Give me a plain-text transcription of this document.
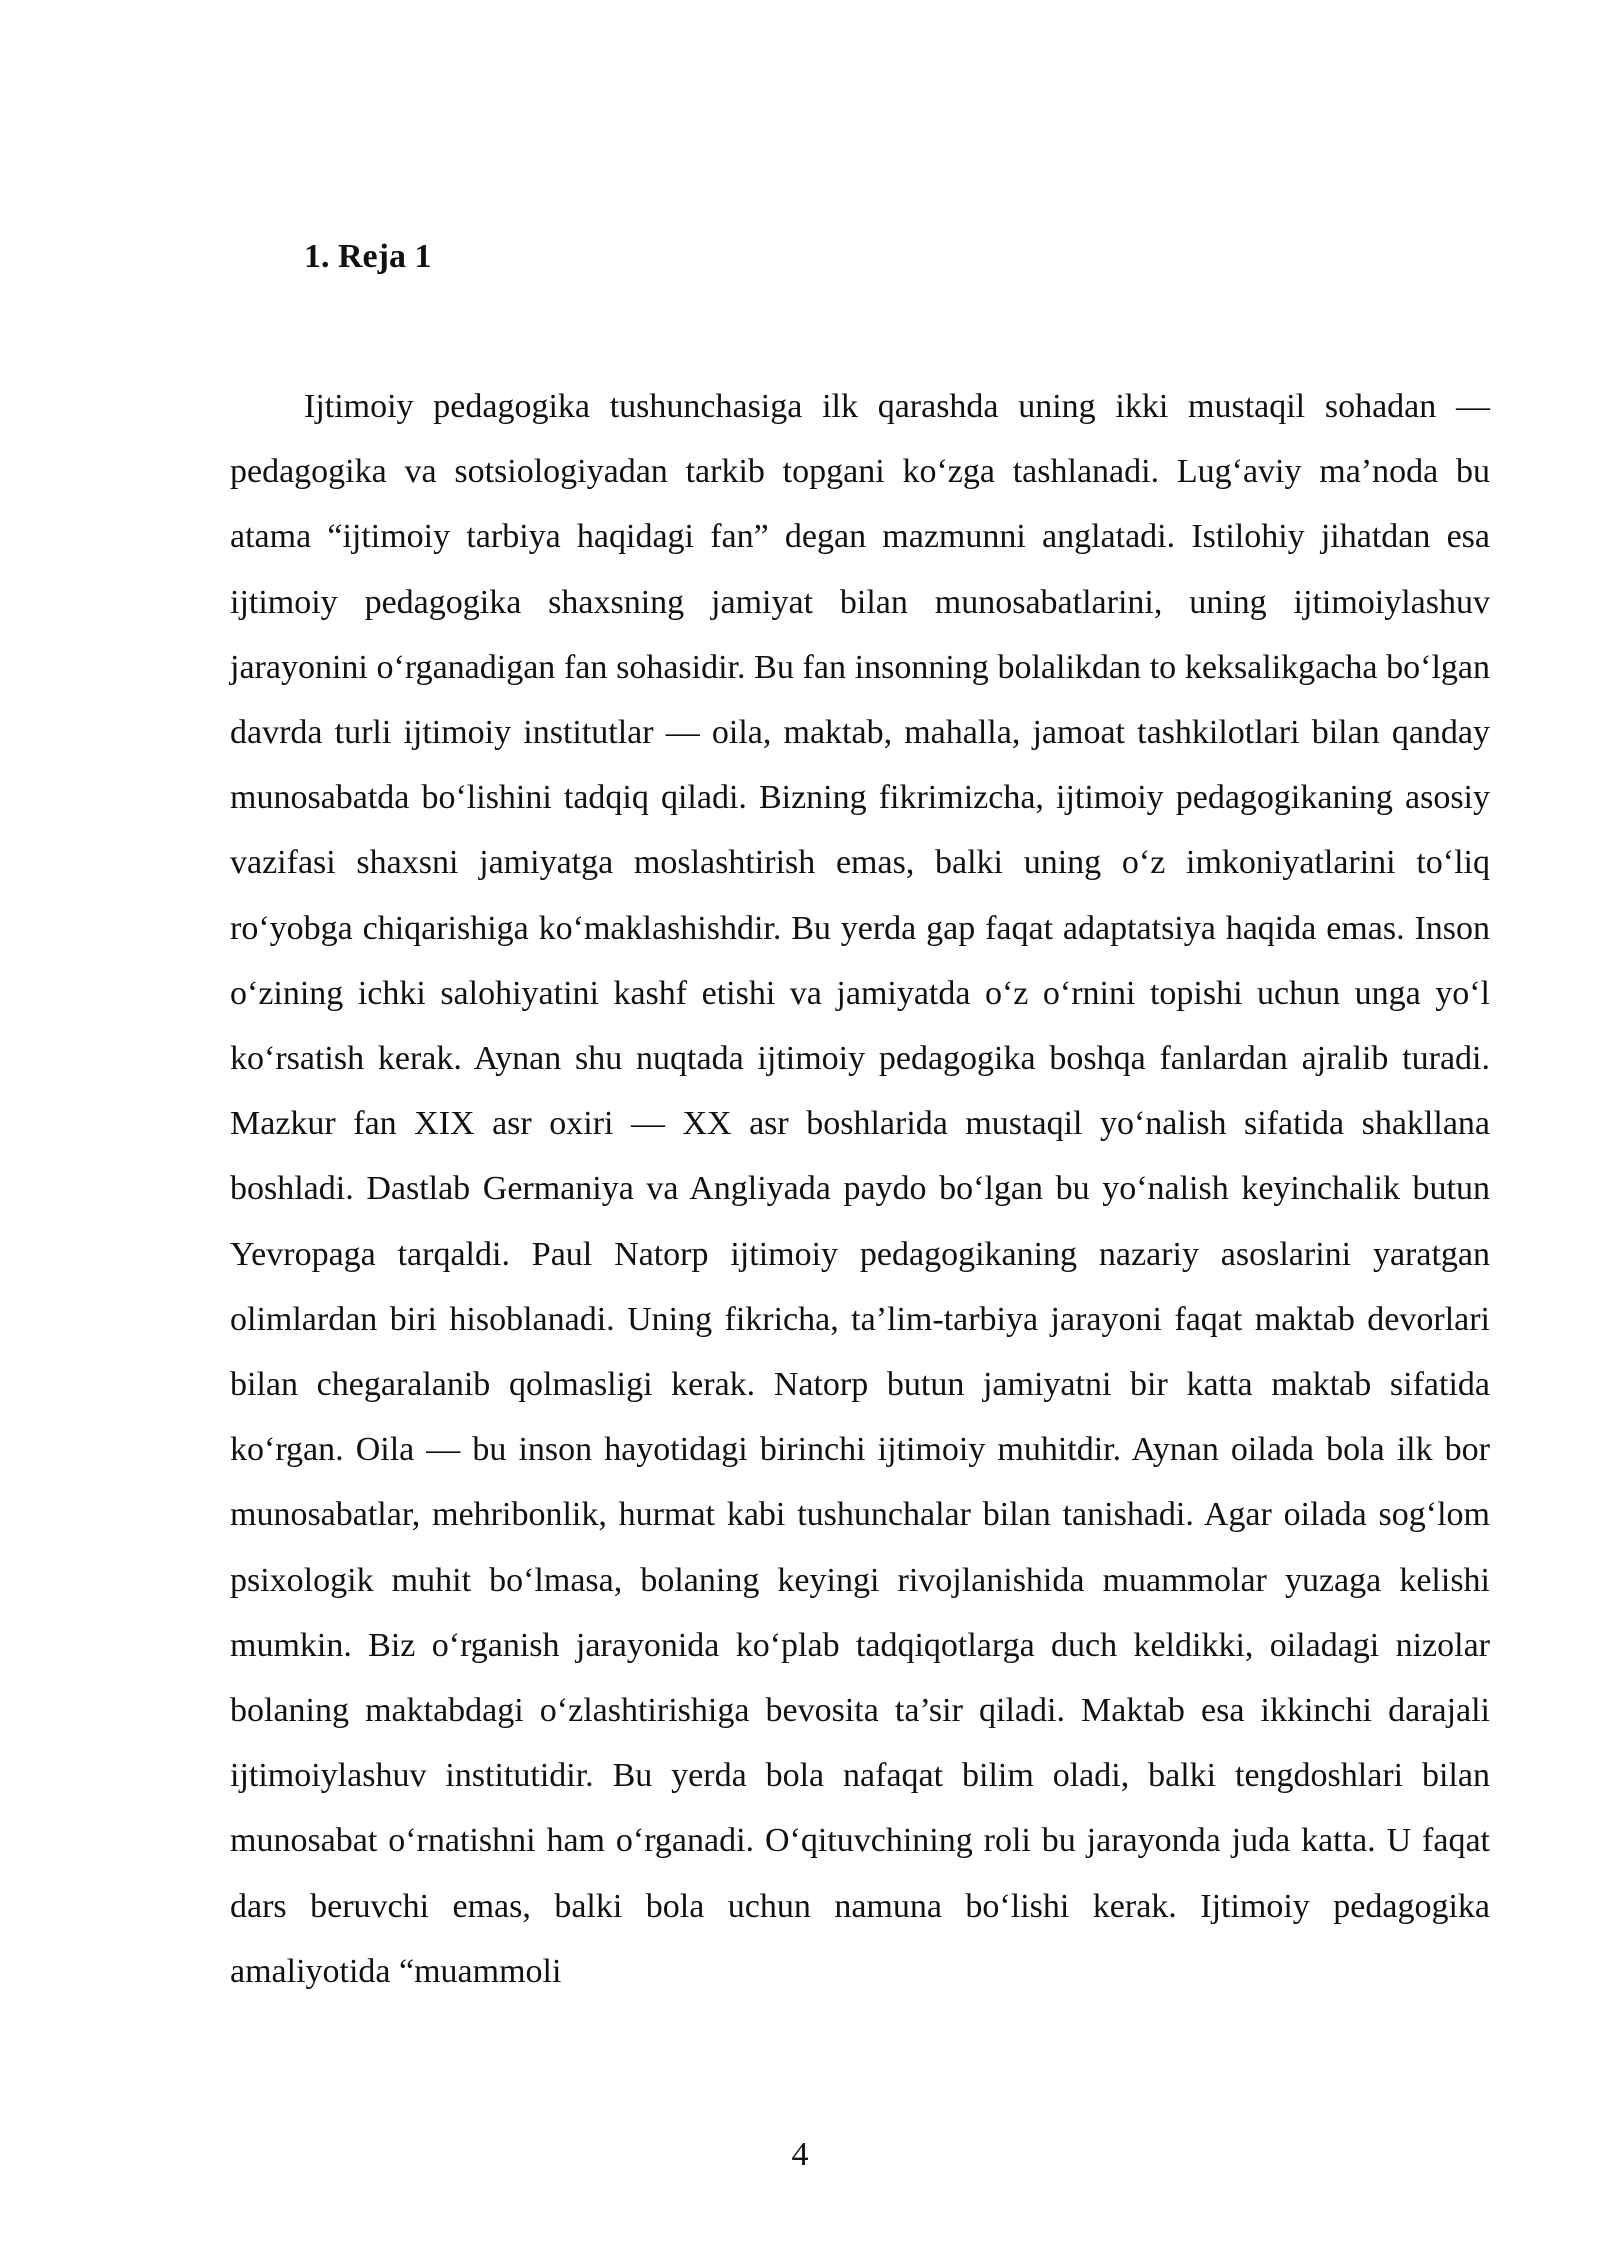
1. Reja 1

Ijtimoiy pedagogika tushunchasiga ilk qarashda uning ikki mustaqil sohadan — pedagogika va sotsiologiyadan tarkib topgani ko‘zga tashlanadi. Lug‘aviy ma’noda bu atama “ijtimoiy tarbiya haqidagi fan” degan mazmunni anglatadi. Istilohiy jihatdan esa ijtimoiy pedagogika shaxsning jamiyat bilan munosabatlarini, uning ijtimoiylashuv jarayonini o‘rganadigan fan sohasidir. Bu fan insonning bolalikdan to keksalikgacha bo‘lgan davrda turli ijtimoiy institutlar — oila, maktab, mahalla, jamoat tashkilotlari bilan qanday munosabatda bo‘lishini tadqiq qiladi. Bizning fikrimizcha, ijtimoiy pedagogikaning asosiy vazifasi shaxsni jamiyatga moslashtirish emas, balki uning o‘z imkoniyatlarini to‘liq ro‘yobga chiqarishiga ko‘maklashishdir. Bu yerda gap faqat adaptatsiya haqida emas. Inson o‘zining ichki salohiyatini kashf etishi va jamiyatda o‘z o‘rnini topishi uchun unga yo‘l ko‘rsatish kerak. Aynan shu nuqtada ijtimoiy pedagogika boshqa fanlardan ajralib turadi. Mazkur fan XIX asr oxiri — XX asr boshlarida mustaqil yo‘nalish sifatida shakllana boshladi. Dastlab Germaniya va Angliyada paydo bo‘lgan bu yo‘nalish keyinchalik butun Yevropaga tarqaldi. Paul Natorp ijtimoiy pedagogikaning nazariy asoslarini yaratgan olimlardan biri hisoblanadi. Uning fikricha, ta’lim-tarbiya jarayoni faqat maktab devorlari bilan chegaralanib qolmasligi kerak. Natorp butun jamiyatni bir katta maktab sifatida ko‘rgan. Oila — bu inson hayotidagi birinchi ijtimoiy muhitdir. Aynan oilada bola ilk bor munosabatlar, mehribonlik, hurmat kabi tushunchalar bilan tanishadi. Agar oilada sog‘lom psixologik muhit bo‘lmasa, bolaning keyingi rivojlanishida muammolar yuzaga kelishi mumkin. Biz o‘rganish jarayonida ko‘plab tadqiqotlarga duch keldikki, oiladagi nizolar bolaning maktabdagi o‘zlashtirishiga bevosita ta’sir qiladi. Maktab esa ikkinchi darajali ijtimoiylashuv institutidir. Bu yerda bola nafaqat bilim oladi, balki tengdoshlari bilan munosabat o‘rnatishni ham o‘rganadi. O‘qituvchining roli bu jarayonda juda katta. U faqat dars beruvchi emas, balki bola uchun namuna bo‘lishi kerak. Ijtimoiy pedagogika amaliyotida “muammoli

4
